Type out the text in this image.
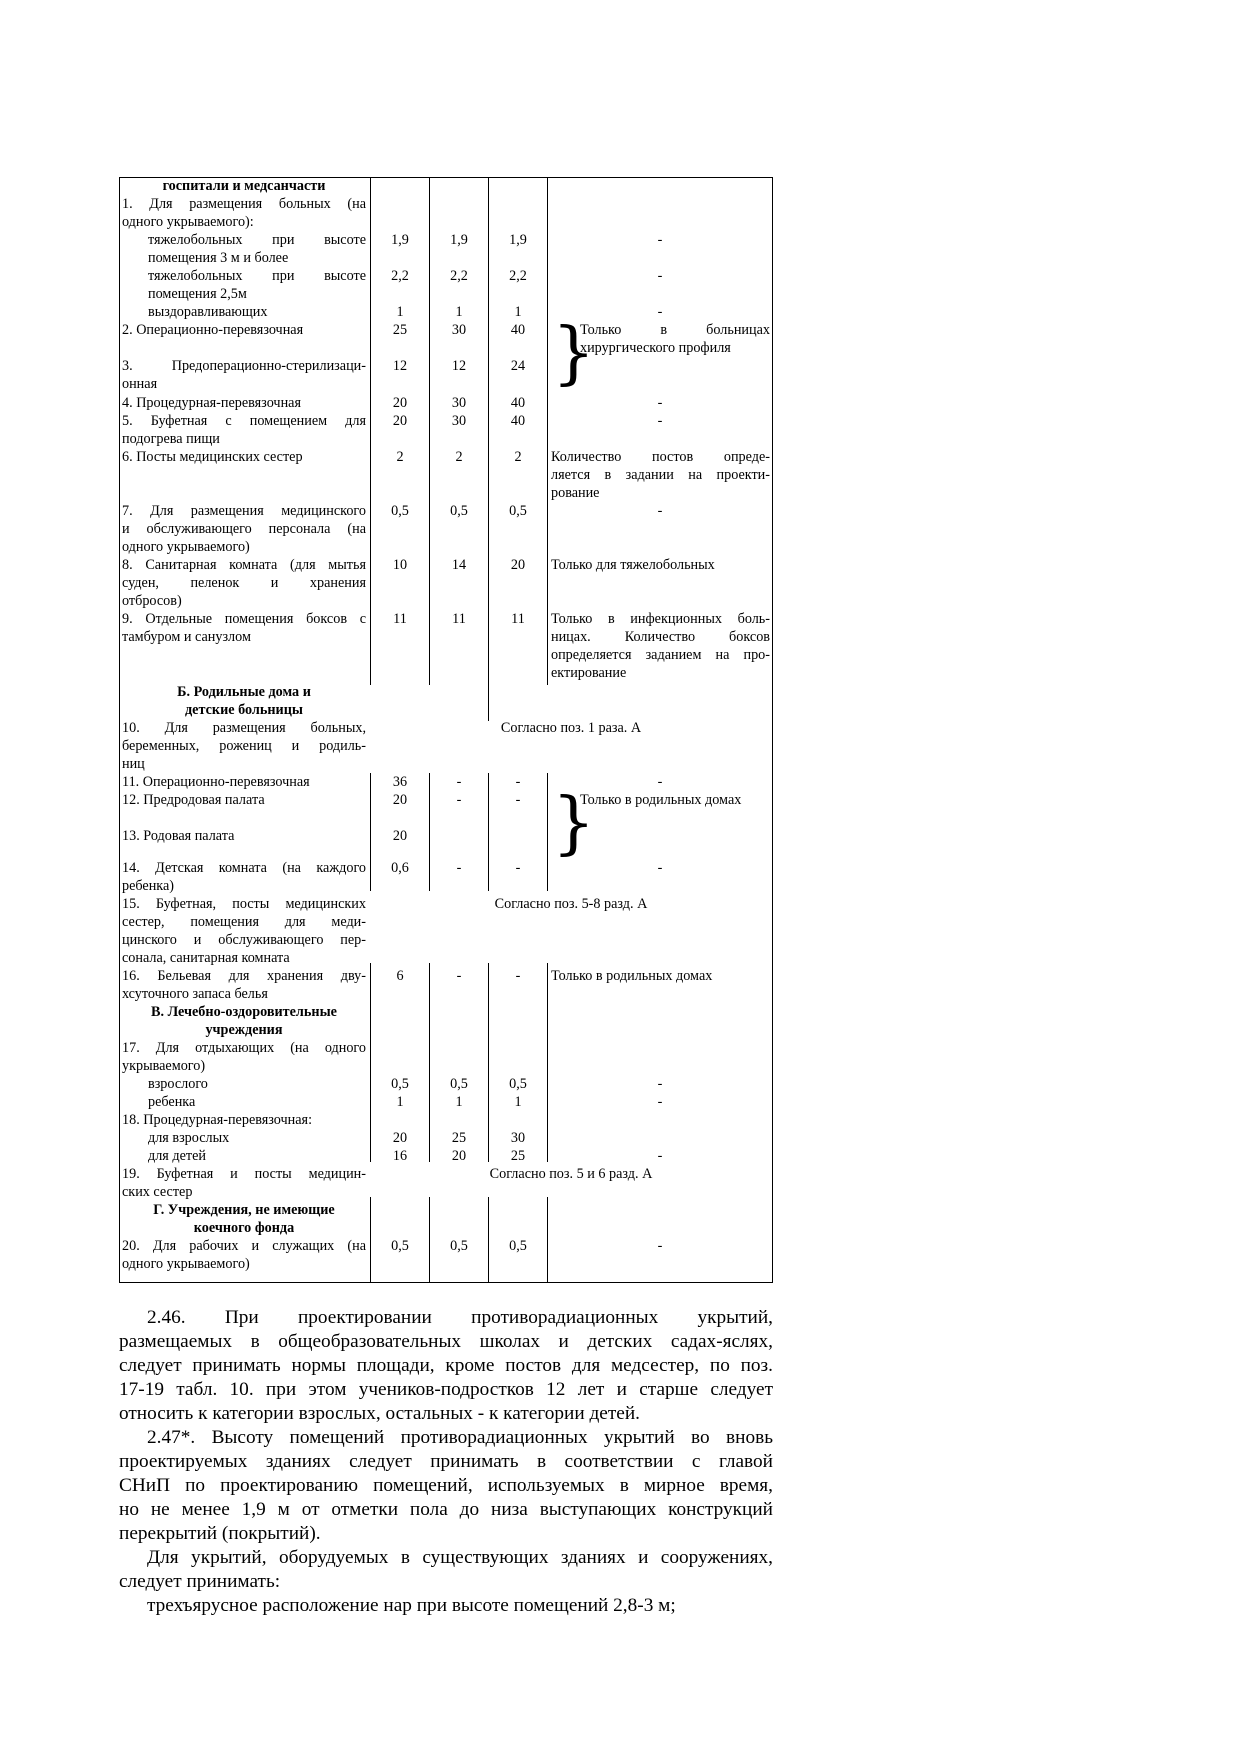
госпитали и медсанчасти
1. Для размещения больных (на
одного укрываемого):
тяжелобольных при высоте
помещения 3 м и более
1,9	1,9	1,9	-
тяжелобольных при высоте
помещения 2,5м
2,2	2,2	2,2	-
выздоравливающих	1	1	1	-
2. Операционно-перевязочная	25	30	40 }
Только в больницах
хирургического профиля
3. Предоперационно-стерилизаци-
онная
12	12	24
4. Процедурная-перевязочная	20	30	40	-
5. Буфетная с помещением для
подогрева пищи
20	30	40	-
6. Посты медицинских сестер	2	2	2	Количество постов опреде-
ляется в задании на проекти-
рование
7. Для размещения медицинского
и обслуживающего персонала (на
одного укрываемого)
0,5	0,5	0,5	-
8. Санитарная комната (для мытья
суден, пеленок и хранения
отбросов)
10	14	20	Только для тяжелобольных
9. Отдельные помещения боксов с
тамбуром и санузлом
11	11	11	Только в инфекционных боль-
ницах. Количество боксов
определяется заданием на про-
ектирование
Б. Родильные дома и
детские больницы
10. Для размещения больных,
беременных, рожениц и родиль-
ниц
Согласно поз. 1 раза. А
11. Операционно-перевязочная	36	-	-	-
12. Предродовая палата	20	-	- }
Только в родильных домах
13. Родовая палата	20
14. Детская комната (на каждого
ребенка)
0,6	-	-	-
15. Буфетная, посты медицинских
сестер, помещения для меди-
цинского и обслуживающего пер-
сонала, санитарная комната
Согласно поз. 5-8 разд. А
16. Бельевая для хранения дву-
хсуточного запаса белья
6	-	-	Только в родильных домах
В. Лечебно-оздоровительные
учреждения
17. Для отдыхающих (на одного
укрываемого)
взрослого	0,5	0,5	0,5	-
ребенка	1	1	1	-
18. Процедурная-перевязочная:
для взрослых	20	25	30
для детей	16	20	25	-
19. Буфетная и посты медицин-
ских сестер
Согласно поз. 5 и 6 разд. А
Г. Учреждения, не имеющие
коечного фонда
20. Для рабочих и служащих (на
одного укрываемого)
0,5	0,5	0,5	-
2.46. При проектировании противорадиационных укрытий,
размещаемых в общеобразовательных школах и детских садах-яслях,
следует принимать нормы площади, кроме постов для медсестер, по поз.
17-19 табл. 10. при этом учеников-подростков 12 лет и старше следует
относить к категории взрослых, остальных - к категории детей.
2.47*. Высоту помещений противорадиационных укрытий во вновь
проектируемых зданиях следует принимать в соответствии с главой
СНиП по проектированию помещений, используемых в мирное время,
но не менее 1,9 м от отметки пола до низа выступающих конструкций
перекрытий (покрытий).
Для укрытий, оборудуемых в существующих зданиях и сооружениях,
следует принимать:
трехъярусное расположение нар при высоте помещений 2,8-3 м;
